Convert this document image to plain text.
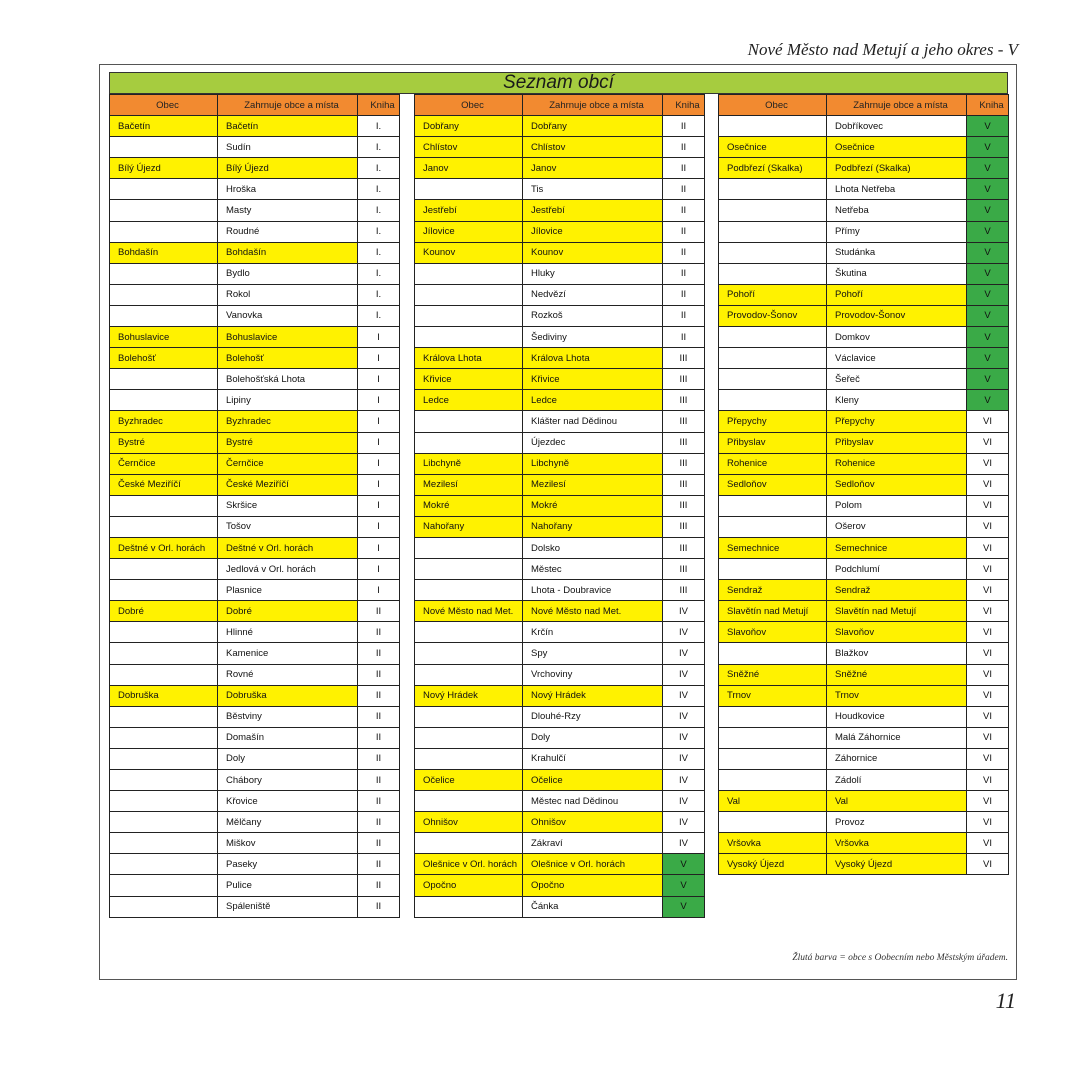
Nové Město nad Metují a jeho okres - V
Seznam obcí
Obec	Zahrnuje obce a místa	Kniha
Bačetín	Bačetín	I.
	Sudín	I.
Bílý Újezd	Bílý Újezd	I.
	Hroška	I.
	Masty	I.
	Roudné	I.
Bohdašín	Bohdašín	I.
	Bydlo	I.
	Rokol	I.
	Vanovka	I.
Bohuslavice	Bohuslavice	I
Bolehošť	Bolehošť	I
	Bolehošťská Lhota	I
	Lipiny	I
Byzhradec	Byzhradec	I
Bystré	Bystré	I
Černčice	Černčice	I
České Meziříčí	České Meziříčí	I
	Skršice	I
	Tošov	I
Deštné v Orl. horách	Deštné v Orl. horách	I
	Jedlová v Orl. horách	I
	Plasnice	I
Dobré	Dobré	II
	Hlinné	II
	Kamenice	II
	Rovné	II
Dobruška	Dobruška	II
	Běstviny	II
	Domašín	II
	Doly	II
	Chábory	II
	Křovice	II
	Mělčany	II
	Miškov	II
	Paseky	II
	Pulice	II
	Spáleniště	II
Obec	Zahrnuje obce a místa	Kniha
Dobřany	Dobřany	II
Chlístov	Chlístov	II
Janov	Janov	II
	Tis	II
Jestřebí	Jestřebí	II
Jílovice	Jílovice	II
Kounov	Kounov	II
	Hluky	II
	Nedvězí	II
	Rozkoš	II
	Šediviny	II
Králova Lhota	Králova Lhota	III
Křivice	Křivice	III
Ledce	Ledce	III
	Klášter nad Dědinou	III
	Újezdec	III
Libchyně	Libchyně	III
Mezilesí	Mezilesí	III
Mokré	Mokré	III
Nahořany	Nahořany	III
	Dolsko	III
	Městec	III
	Lhota - Doubravice	III
Nové Město nad Met.	Nové Město nad Met.	IV
	Krčín	IV
	Spy	IV
	Vrchoviny	IV
Nový Hrádek	Nový Hrádek	IV
	Dlouhé-Rzy	IV
	Doly	IV
	Krahulčí	IV
Očelice	Očelice	IV
	Městec nad Dědinou	IV
Ohnišov	Ohnišov	IV
	Zákraví	IV
Olešnice v Orl. horách	Olešnice v Orl. horách	V
Opočno	Opočno	V
	Čánka	V
Obec	Zahrnuje obce a místa	Kniha
	Dobříkovec	V
Osečnice	Osečnice	V
Podbřezí (Skalka)	Podbřezí (Skalka)	V
	Lhota Netřeba	V
	Netřeba	V
	Přímy	V
	Studánka	V
	Škutina	V
Pohoří	Pohoří	V
Provodov-Šonov	Provodov-Šonov	V
	Domkov	V
	Václavice	V
	Šeřeč	V
	Kleny	V
Přepychy	Přepychy	VI
Přibyslav	Přibyslav	VI
Rohenice	Rohenice	VI
Sedloňov	Sedloňov	VI
	Polom	VI
	Ošerov	VI
Semechnice	Semechnice	VI
	Podchlumí	VI
Sendraž	Sendraž	VI
Slavětín nad Metují	Slavětín nad Metují	VI
Slavoňov	Slavoňov	VI
	Blažkov	VI
Sněžné	Sněžné	VI
Trnov	Trnov	VI
	Houdkovice	VI
	Malá Záhornice	VI
	Záhornice	VI
	Zádolí	VI
Val	Val	VI
	Provoz	VI
Vršovka	Vršovka	VI
Vysoký Újezd	Vysoký Újezd	VI
Žlutá barva = obce s Oobecním nebo Městským úřadem.
11
